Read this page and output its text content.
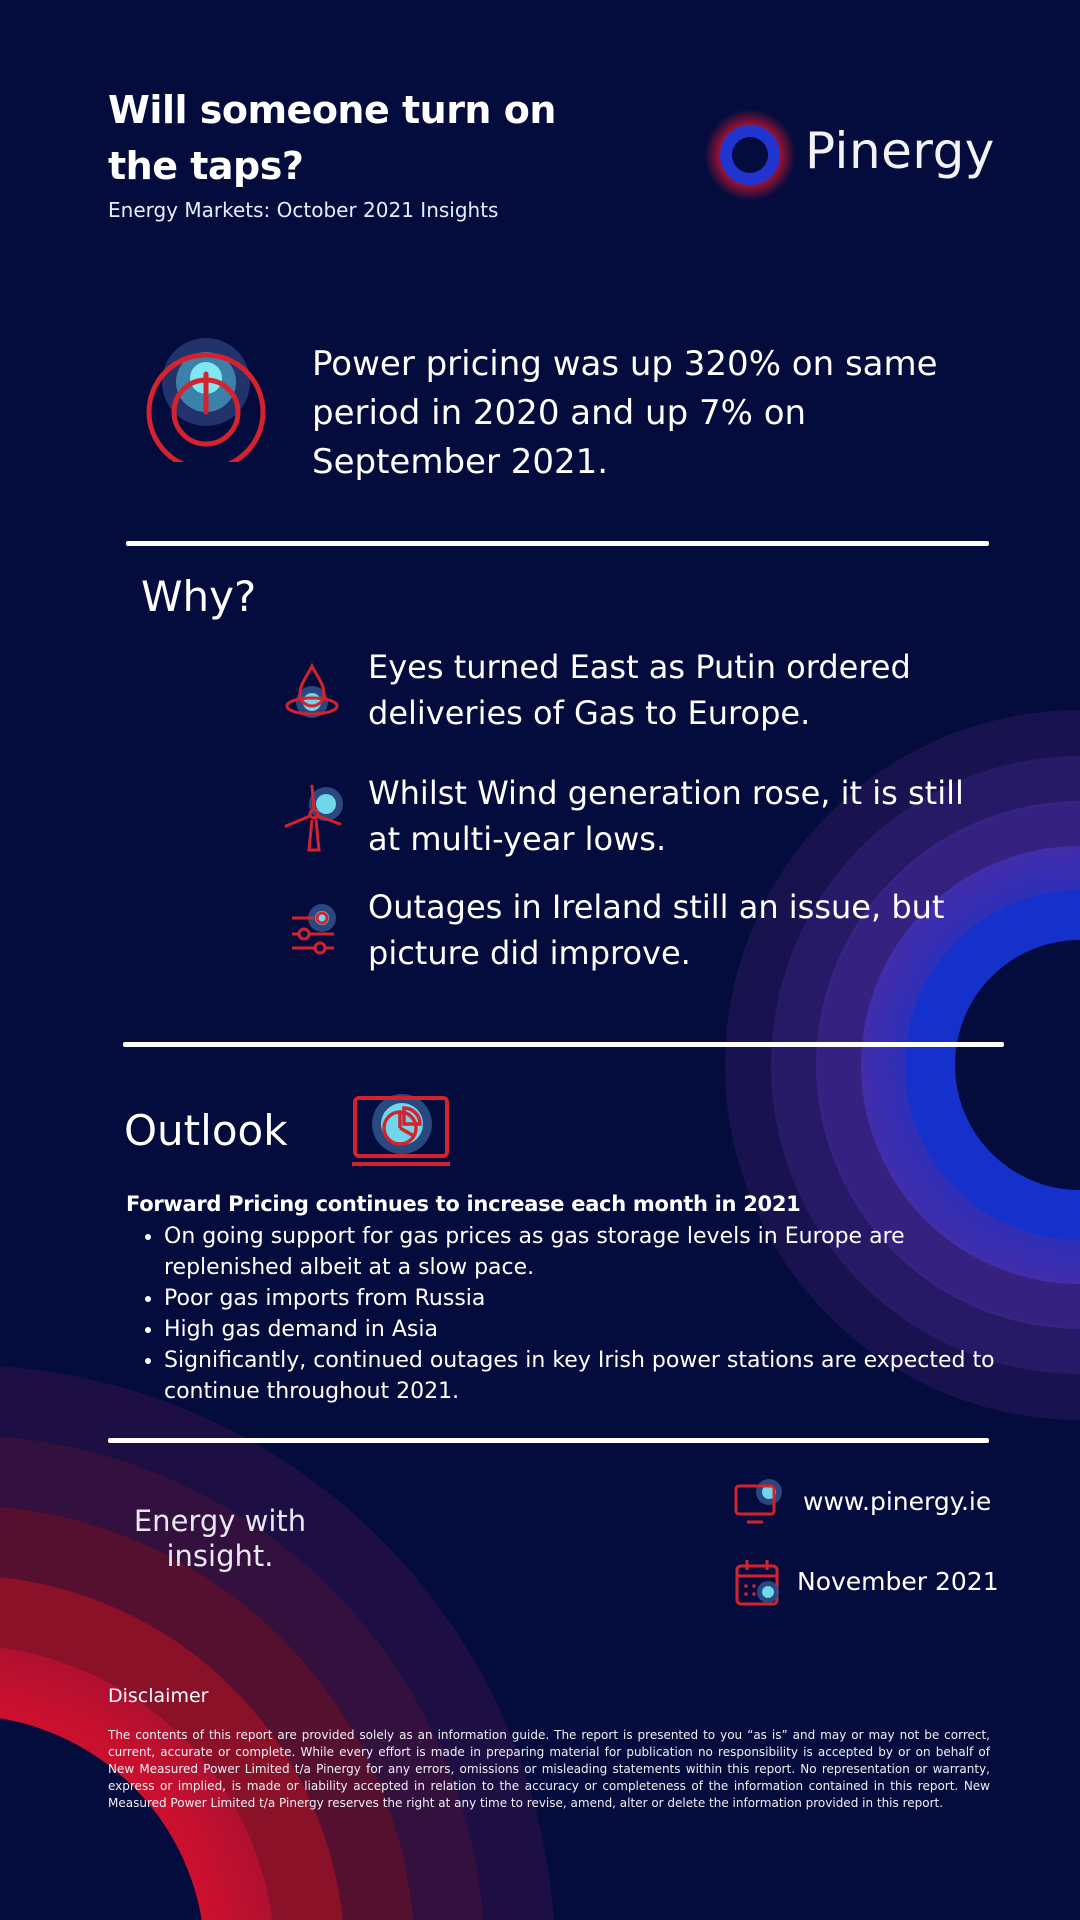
Will someone turn on the taps?
Energy Markets: October 2021 Insights
Pinergy
Power pricing was up 320% on same period in 2020 and up 7% on September 2021.
Why?
Eyes turned East as Putin ordered deliveries of Gas to Europe.
Whilst Wind generation rose, it is still at multi-year lows.
Outages in Ireland still an issue, but picture did improve.
Outlook
Forward Pricing continues to increase each month in 2021
• On going support for gas prices as gas storage levels in Europe are replenished albeit at a slow pace.
• Poor gas imports from Russia
• High gas demand in Asia
• Significantly, continued outages in key Irish power stations are expected to continue throughout 2021.
Energy with insight.
www.pinergy.ie
November 2021
Disclaimer
The contents of this report are provided solely as an information guide. The report is presented to you “as is” and may or may not be correct, current, accurate or complete. While every effort is made in preparing material for publication no responsibility is accepted by or on behalf of New Measured Power Limited t/a Pinergy for any errors, omissions or misleading statements within this report. No representation or warranty, express or implied, is made or liability accepted in relation to the accuracy or completeness of the information contained in this report. New Measured Power Limited t/a Pinergy reserves the right at any time to revise, amend, alter or delete the information provided in this report.
